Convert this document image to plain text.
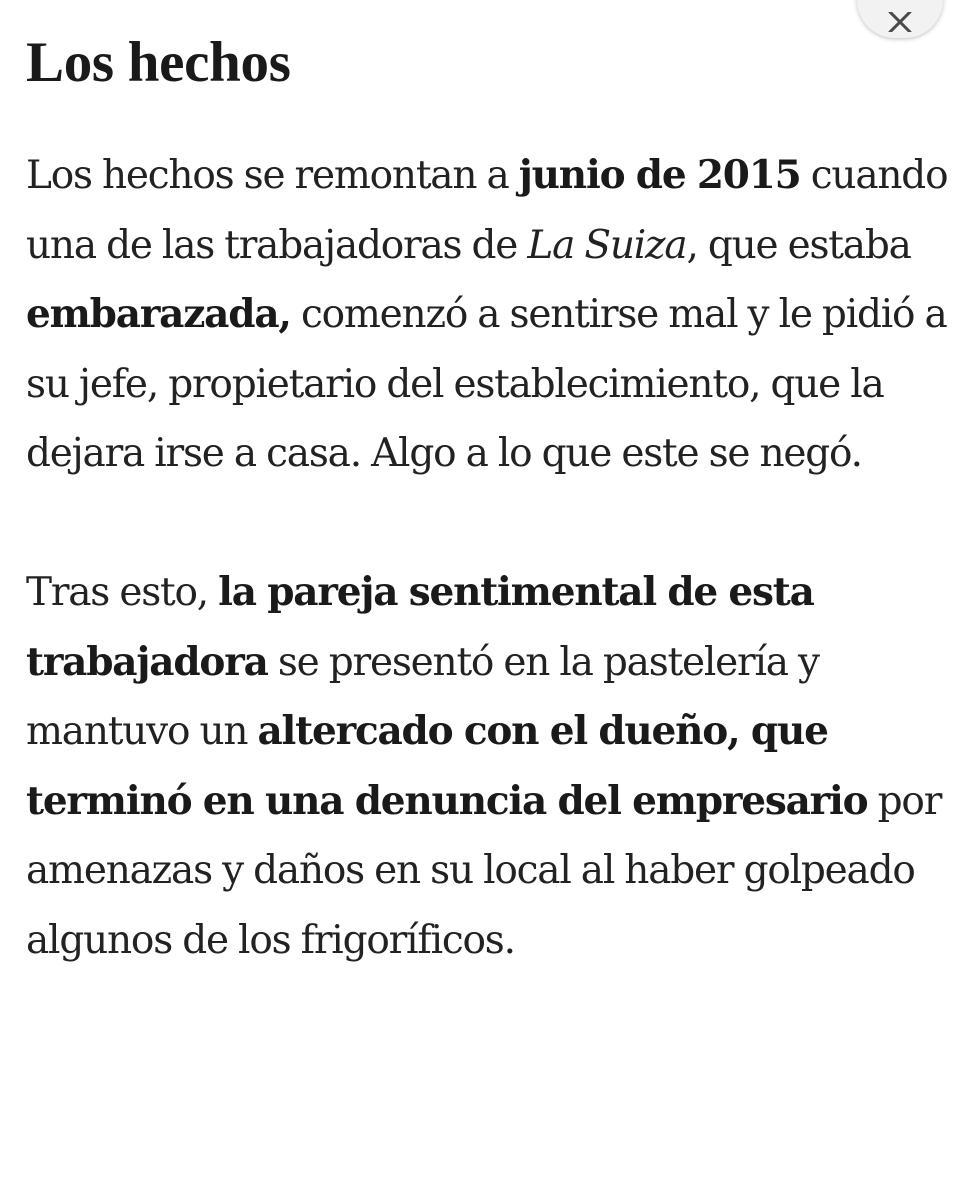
Los hechos

Los hechos se remontan a junio de 2015 cuando una de las trabajadoras de La Suiza, que estaba embarazada, comenzó a sentirse mal y le pidió a su jefe, propietario del establecimiento, que la dejara irse a casa. Algo a lo que este se negó.

Tras esto, la pareja sentimental de esta trabajadora se presentó en la pastelería y mantuvo un altercado con el dueño, que terminó en una denuncia del empresario por amenazas y daños en su local al haber golpeado algunos de los frigoríficos.
